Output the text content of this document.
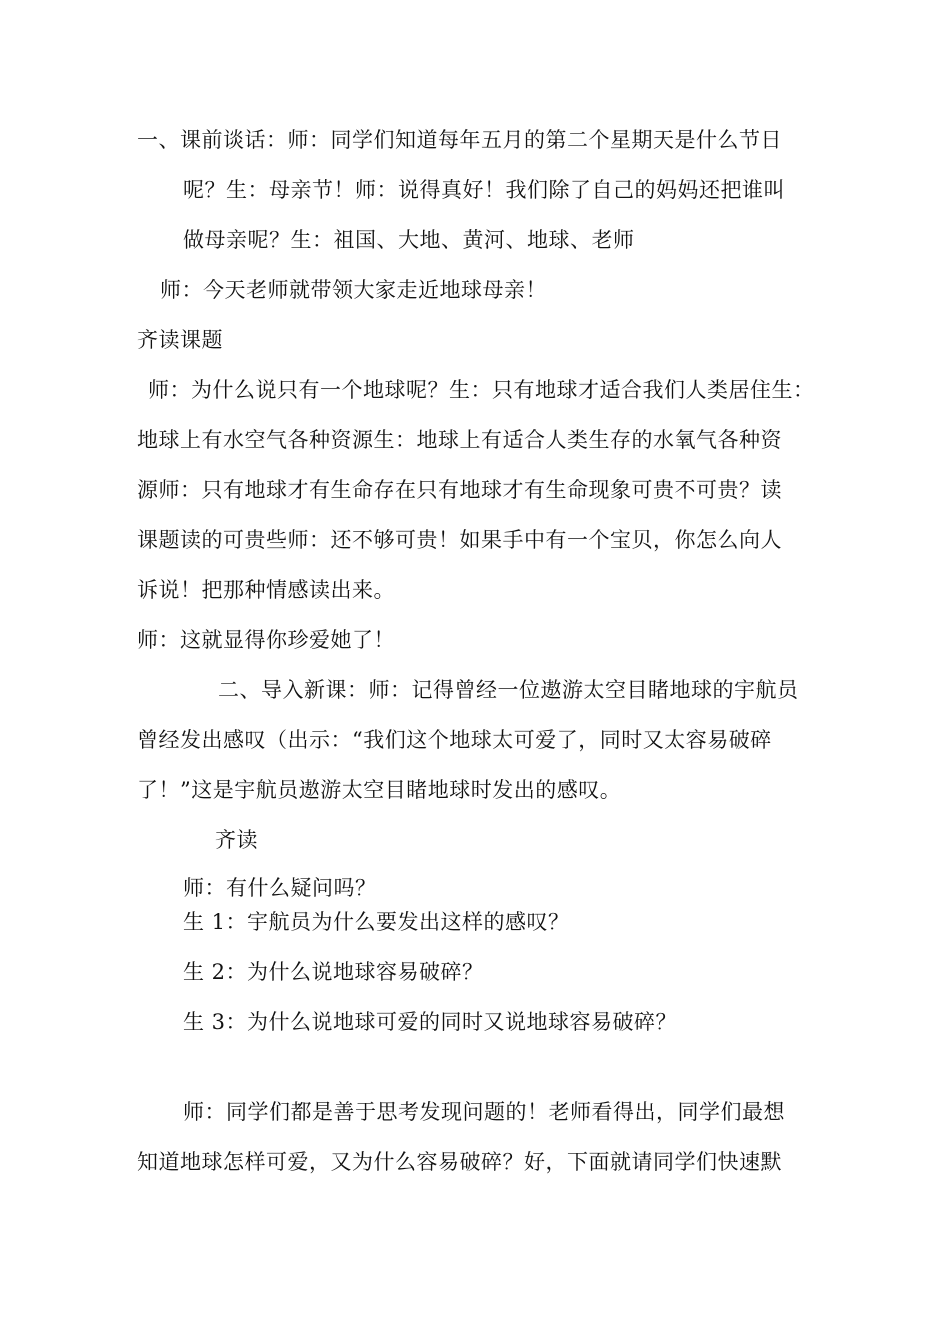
一、课前谈话：师：同学们知道每年五月的第二个星期天是什么节日
呢？生：母亲节！师：说得真好！我们除了自己的妈妈还把谁叫
做母亲呢？生：祖国、大地、黄河、地球、老师
师：今天老师就带领大家走近地球母亲！
齐读课题
师：为什么说只有一个地球呢？生：只有地球才适合我们人类居住生：
地球上有水空气各种资源生：地球上有适合人类生存的水氧气各种资
源师：只有地球才有生命存在只有地球才有生命现象可贵不可贵？读
课题读的可贵些师：还不够可贵！如果手中有一个宝贝，你怎么向人
诉说！把那种情感读出来。
师：这就显得你珍爱她了！
二、导入新课：师：记得曾经一位遨游太空目睹地球的宇航员
曾经发出感叹（出示：“我们这个地球太可爱了，同时又太容易破碎
了！”这是宇航员遨游太空目睹地球时发出的感叹。
齐读
师：有什么疑问吗？
生 1：宇航员为什么要发出这样的感叹？
生 2：为什么说地球容易破碎？
生 3：为什么说地球可爱的同时又说地球容易破碎？
师：同学们都是善于思考发现问题的！老师看得出，同学们最想
知道地球怎样可爱，又为什么容易破碎？好，下面就请同学们快速默
